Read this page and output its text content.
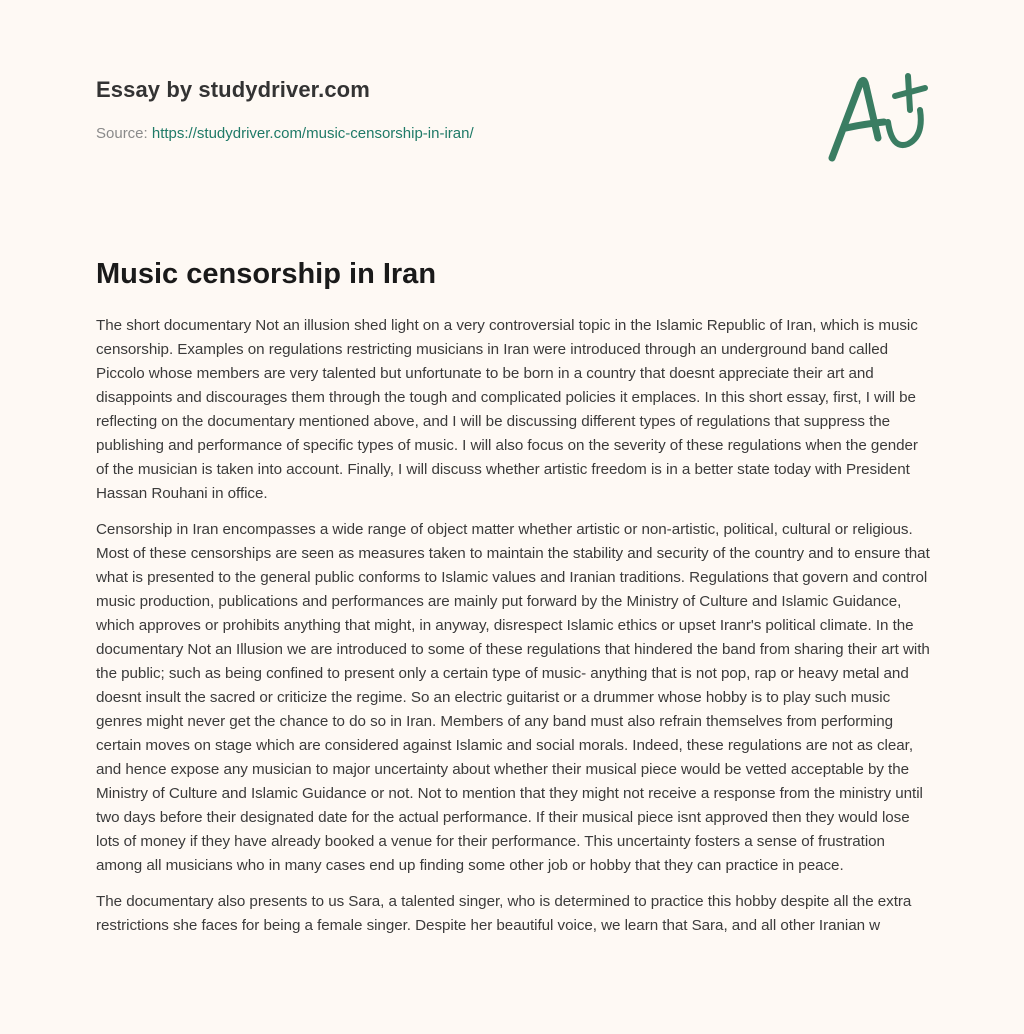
Essay by studydriver.com
Source: https://studydriver.com/music-censorship-in-iran/
Music censorship in Iran

The short documentary Not an illusion shed light on a very controversial topic in the Islamic Republic of Iran, which is music censorship. Examples on regulations restricting musicians in Iran were introduced through an underground band called Piccolo whose members are very talented but unfortunate to be born in a country that doesnt appreciate their art and disappoints and discourages them through the tough and complicated policies it emplaces. In this short essay, first, I will be reflecting on the documentary mentioned above, and I will be discussing different types of regulations that suppress the publishing and performance of specific types of music. I will also focus on the severity of these regulations when the gender of the musician is taken into account. Finally, I will discuss whether artistic freedom is in a better state today with President Hassan Rouhani in office.

Censorship in Iran encompasses a wide range of object matter whether artistic or non-artistic, political, cultural or religious. Most of these censorships are seen as measures taken to maintain the stability and security of the country and to ensure that what is presented to the general public conforms to Islamic values and Iranian traditions. Regulations that govern and control music production, publications and performances are mainly put forward by the Ministry of Culture and Islamic Guidance, which approves or prohibits anything that might, in anyway, disrespect Islamic ethics or upset Iranr's political climate. In the documentary Not an Illusion we are introduced to some of these regulations that hindered the band from sharing their art with the public; such as being confined to present only a certain type of music- anything that is not pop, rap or heavy metal and doesnt insult the sacred or criticize the regime. So an electric guitarist or a drummer whose hobby is to play such music genres might never get the chance to do so in Iran. Members of any band must also refrain themselves from performing certain moves on stage which are considered against Islamic and social morals. Indeed, these regulations are not as clear, and hence expose any musician to major uncertainty about whether their musical piece would be vetted acceptable by the Ministry of Culture and Islamic Guidance or not. Not to mention that they might not receive a response from the ministry until two days before their designated date for the actual performance. If their musical piece isnt approved then they would lose lots of money if they have already booked a venue for their performance. This uncertainty fosters a sense of frustration among all musicians who in many cases end up finding some other job or hobby that they can practice in peace.

The documentary also presents to us Sara, a talented singer, who is determined to practice this hobby despite all the extra restrictions she faces for being a female singer. Despite her beautiful voice, we learn that Sara, and all other Iranian w
